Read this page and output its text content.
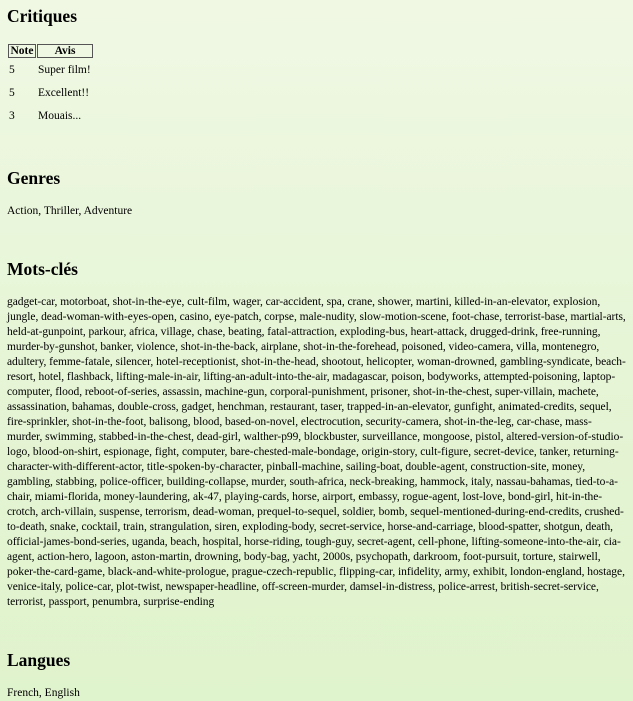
Critiques
Note	Avis
5	Super film!
5	Excellent!!
3	Mouais...
Genres

Action, Thriller, Adventure

Mots-clés

gadget-car, motorboat, shot-in-the-eye, cult-film, wager, car-accident, spa, crane, shower, martini, killed-in-an-elevator, explosion, jungle, dead-woman-with-eyes-open, casino, eye-patch, corpse, male-nudity, slow-motion-scene, foot-chase, terrorist-base, martial-arts, held-at-gunpoint, parkour, africa, village, chase, beating, fatal-attraction, exploding-bus, heart-attack, drugged-drink, free-running, murder-by-gunshot, banker, violence, shot-in-the-back, airplane, shot-in-the-forehead, poisoned, video-camera, villa, montenegro, adultery, femme-fatale, silencer, hotel-receptionist, shot-in-the-head, shootout, helicopter, woman-drowned, gambling-syndicate, beach-resort, hotel, flashback, lifting-male-in-air, lifting-an-adult-into-the-air, madagascar, poison, bodyworks, attempted-poisoning, laptop-computer, flood, reboot-of-series, assassin, machine-gun, corporal-punishment, prisoner, shot-in-the-chest, super-villain, machete, assassination, bahamas, double-cross, gadget, henchman, restaurant, taser, trapped-in-an-elevator, gunfight, animated-credits, sequel, fire-sprinkler, shot-in-the-foot, balisong, blood, based-on-novel, electrocution, security-camera, shot-in-the-leg, car-chase, mass-murder, swimming, stabbed-in-the-chest, dead-girl, walther-p99, blockbuster, surveillance, mongoose, pistol, altered-version-of-studio-logo, blood-on-shirt, espionage, fight, computer, bare-chested-male-bondage, origin-story, cult-figure, secret-device, tanker, returning-character-with-different-actor, title-spoken-by-character, pinball-machine, sailing-boat, double-agent, construction-site, money, gambling, stabbing, police-officer, building-collapse, murder, south-africa, neck-breaking, hammock, italy, nassau-bahamas, tied-to-a-chair, miami-florida, money-laundering, ak-47, playing-cards, horse, airport, embassy, rogue-agent, lost-love, bond-girl, hit-in-the-crotch, arch-villain, suspense, terrorism, dead-woman, prequel-to-sequel, soldier, bomb, sequel-mentioned-during-end-credits, crushed-to-death, snake, cocktail, train, strangulation, siren, exploding-body, secret-service, horse-and-carriage, blood-spatter, shotgun, death, official-james-bond-series, uganda, beach, hospital, horse-riding, tough-guy, secret-agent, cell-phone, lifting-someone-into-the-air, cia-agent, action-hero, lagoon, aston-martin, drowning, body-bag, yacht, 2000s, psychopath, darkroom, foot-pursuit, torture, stairwell, poker-the-card-game, black-and-white-prologue, prague-czech-republic, flipping-car, infidelity, army, exhibit, london-england, hostage, venice-italy, police-car, plot-twist, newspaper-headline, off-screen-murder, damsel-in-distress, police-arrest, british-secret-service, terrorist, passport, penumbra, surprise-ending

Langues

French, English
